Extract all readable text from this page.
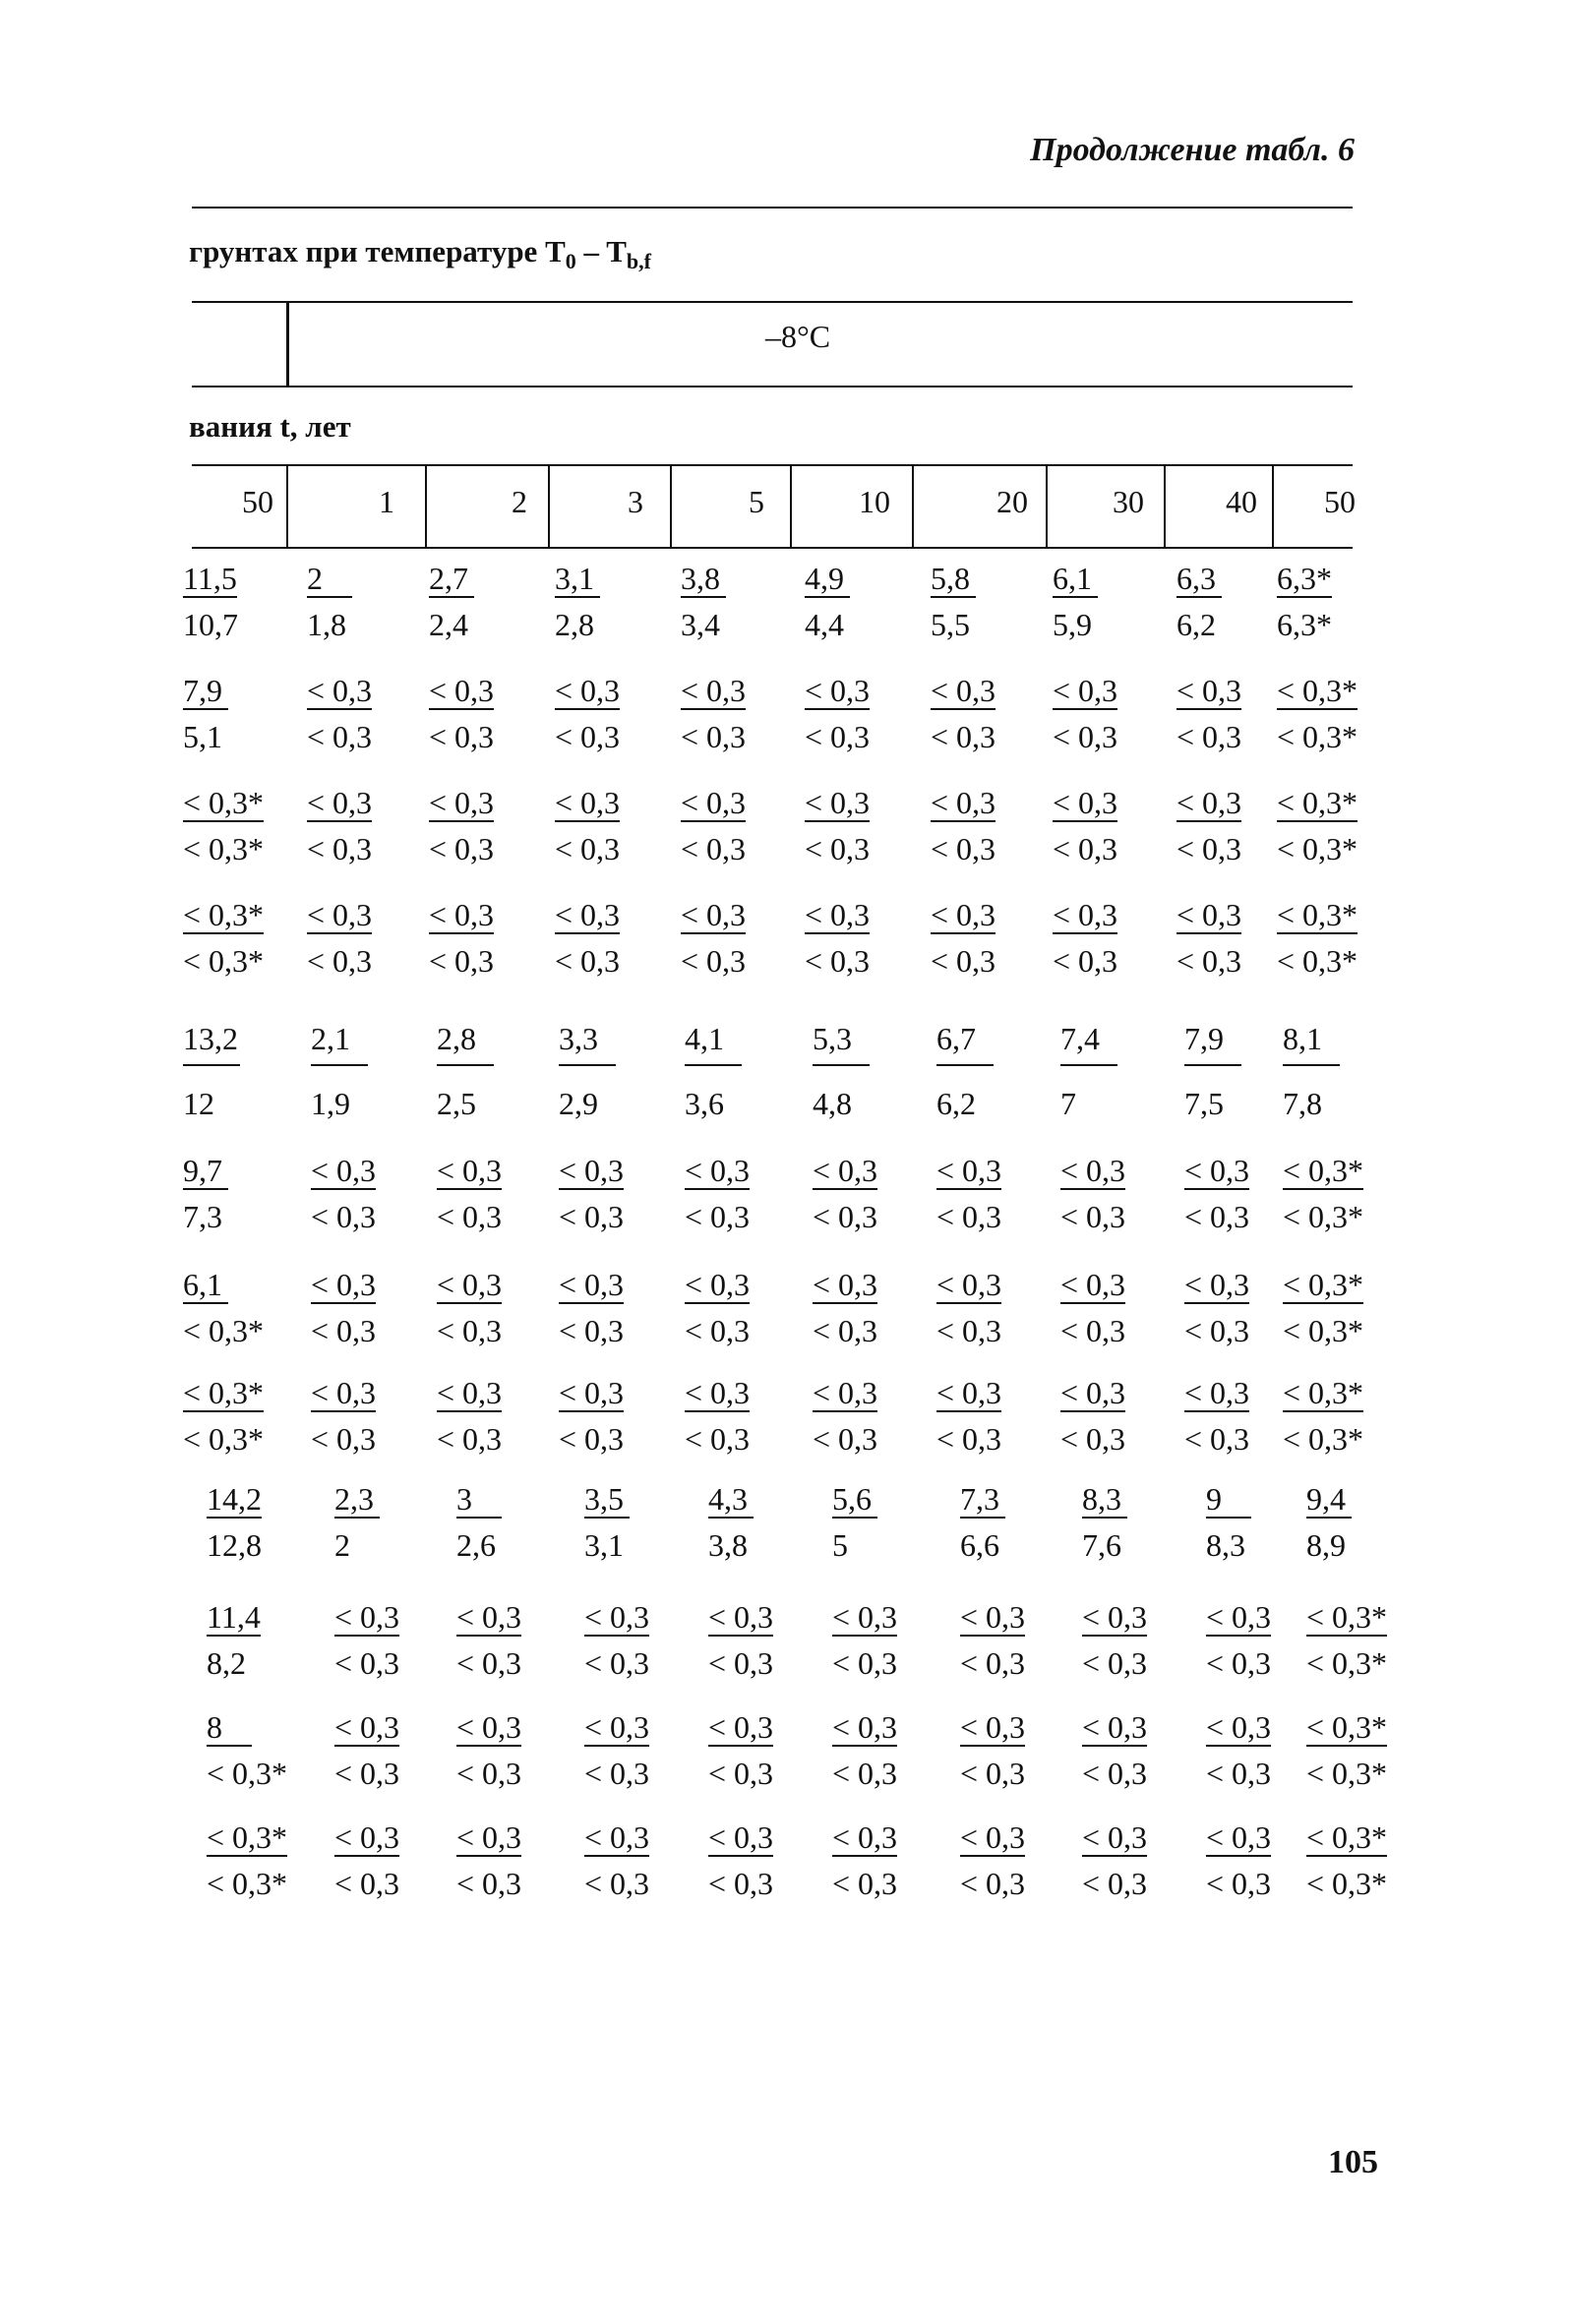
Продолжение табл. 6
грунтах при температуре $T_0 - T_{b,f}$
–8°C
вания t, лет
50	1	2	3	5	10	20	30	40 50
$\frac{11,5}{10,7} \frac{2}{1,8} \frac{2,7}{2,4}$	$\frac{3,1}{2,8}$	$\frac{3,8}{3,4}$	$\frac{4,9}{4,4}$	$\frac{5,8}{5,5} \frac{6,1}{5,9}$	$\frac{6,3}{6,2} \frac{6,3*}{6,3*}$
$\frac{7,9}{5,1}$	$\frac{< 0,3}{< 0,3} \frac{< 0,3}{< 0,3} \frac{< 0,3}{< 0,3} \frac{< 0,3}{< 0,3} \frac{< 0,3}{< 0,3} \frac{< 0,3}{< 0,3} \frac{< 0,3}{< 0,3} \frac{< 0,3}{< 0,3} \frac{< 0,3*}{< 0,3*}$
$\frac{< 0,3*}{< 0,3*} \frac{< 0,3}{< 0,3} \frac{< 0,3}{< 0,3} \frac{< 0,3}{< 0,3} \frac{< 0,3}{< 0,3} \frac{< 0,3}{< 0,3} \frac{< 0,3}{< 0,3} \frac{< 0,3}{< 0,3} \frac{< 0,3}{< 0,3} \frac{< 0,3*}{< 0,3*}$
$\frac{< 0,3*}{< 0,3*} \frac{< 0,3}{< 0,3} \frac{< 0,3}{< 0,3} \frac{< 0,3}{< 0,3} \frac{< 0,3}{< 0,3} \frac{< 0,3}{< 0,3} \frac{< 0,3}{< 0,3} \frac{< 0,3}{< 0,3} \frac{< 0,3}{< 0,3} \frac{< 0,3*}{< 0,3*}$
$\frac{13,2}{12} \frac{2,1}{1,9} \frac{2,8}{2,5} \frac{3,3}{2,9} \frac{4,1}{3,6} \frac{5,3}{4,8} \frac{6,7}{6,2} \frac{7,4}{7} \frac{7,9}{7,5} \frac{8,1}{7,8}$
$\frac{9,7}{7,3}$	$\frac{< 0,3}{< 0,3} \frac{< 0,3}{< 0,3} \frac{< 0,3}{< 0,3} \frac{< 0,3}{< 0,3} \frac{< 0,3}{< 0,3} \frac{< 0,3}{< 0,3} \frac{< 0,3}{< 0,3} \frac{< 0,3}{< 0,3} \frac{< 0,3*}{< 0,3*}$
$\frac{6,1}{< 0,3*} \frac{< 0,3}{< 0,3} \frac{< 0,3}{< 0,3} \frac{< 0,3}{< 0,3} \frac{< 0,3}{< 0,3} \frac{< 0,3}{< 0,3} \frac{< 0,3}{< 0,3} \frac{< 0,3}{< 0,3} \frac{< 0,3}{< 0,3} \frac{< 0,3*}{< 0,3*}$
$\frac{< 0,3*}{< 0,3*} \frac{< 0,3}{< 0,3} \frac{< 0,3}{< 0,3} \frac{< 0,3}{< 0,3} \frac{< 0,3}{< 0,3} \frac{< 0,3}{< 0,3} \frac{< 0,3}{< 0,3} \frac{< 0,3}{< 0,3} \frac{< 0,3}{< 0,3} \frac{< 0,3*}{< 0,3*}$
$\frac{14,2}{12,8} \frac{2,3}{2} \frac{3}{2,6}$	$\frac{3,5}{3,1}$	$\frac{4,3}{3,8}$	$\frac{5,6}{5}$	$\frac{7,3}{6,6} \frac{8,3}{7,6}$	$\frac{9}{8,3} \frac{9,4}{8,9}$
$\frac{11,4}{8,2} \frac{< 0,3}{< 0,3} \frac{< 0,3}{< 0,3} \frac{< 0,3}{< 0,3} \frac{< 0,3}{< 0,3} \frac{< 0,3}{< 0,3} \frac{< 0,3}{< 0,3} \frac{< 0,3}{< 0,3} \frac{< 0,3}{< 0,3} \frac{< 0,3*}{< 0,3*}$
$\frac{8}{< 0,3*} \frac{< 0,3}{< 0,3} \frac{< 0,3}{< 0,3} \frac{< 0,3}{< 0,3} \frac{< 0,3}{< 0,3} \frac{< 0,3}{< 0,3} \frac{< 0,3}{< 0,3} \frac{< 0,3}{< 0,3} \frac{< 0,3}{< 0,3} \frac{< 0,3*}{< 0,3*}$
$\frac{< 0,3*}{< 0,3*} \frac{< 0,3}{< 0,3} \frac{< 0,3}{< 0,3} \frac{< 0,3}{< 0,3} \frac{< 0,3}{< 0,3} \frac{< 0,3}{< 0,3} \frac{< 0,3}{< 0,3} \frac{< 0,3}{< 0,3} \frac{< 0,3}{< 0,3} \frac{< 0,3*}{< 0,3*}$
105
